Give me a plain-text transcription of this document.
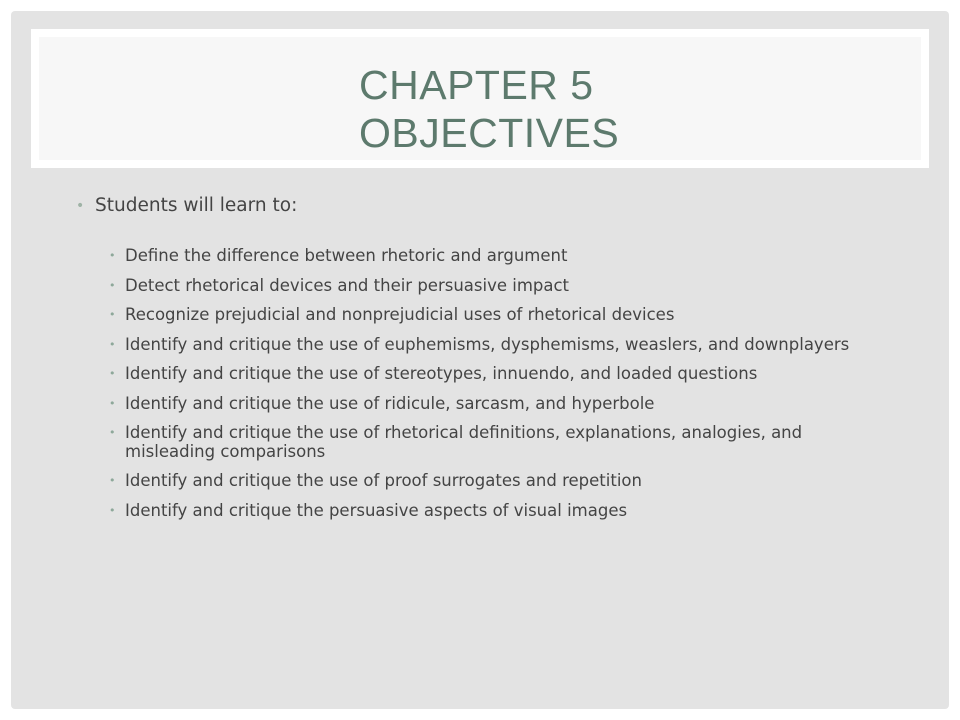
CHAPTER 5
OBJECTIVES

• Students will learn to:

• Define the difference between rhetoric and argument
• Detect rhetorical devices and their persuasive impact
• Recognize prejudicial and nonprejudicial uses of rhetorical devices
• Identify and critique the use of euphemisms, dysphemisms, weaslers, and downplayers
• Identify and critique the use of stereotypes, innuendo, and loaded questions
• Identify and critique the use of ridicule, sarcasm, and hyperbole
• Identify and critique the use of rhetorical definitions, explanations, analogies, and misleading comparisons
• Identify and critique the use of proof surrogates and repetition
• Identify and critique the persuasive aspects of visual images
